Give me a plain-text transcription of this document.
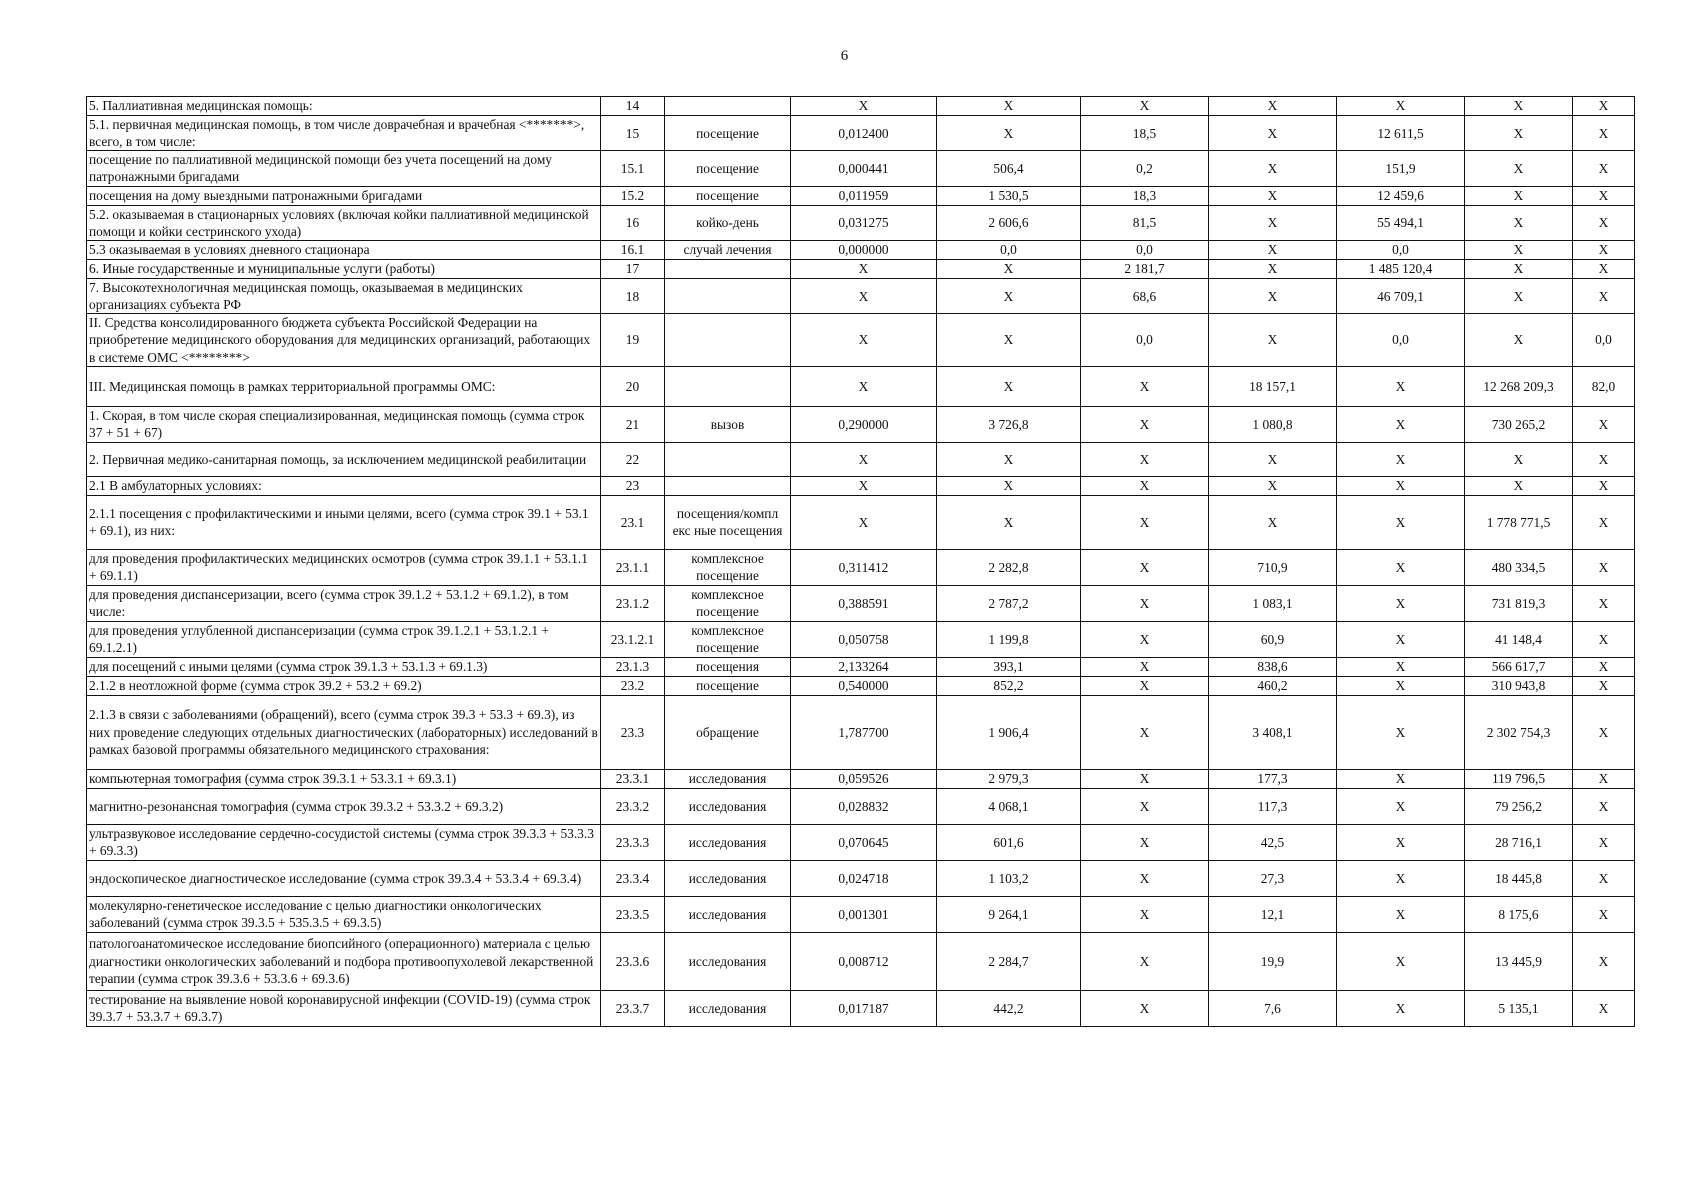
6
5. Паллиативная медицинская помощь:	14		X	X	X	X	X	X	X
5.1. первичная медицинская помощь, в том числе доврачебная и врачебная <*******>, всего, в том числе:	15	посещение	0,012400	X	18,5	X	12 611,5	X	X
посещение по паллиативной медицинской помощи без учета посещений на дому патронажными бригадами	15.1	посещение	0,000441	506,4	0,2	X	151,9	X	X
посещения на дому выездными патронажными бригадами	15.2	посещение	0,011959	1 530,5	18,3	X	12 459,6	X	X
5.2. оказываемая в стационарных условиях (включая койки паллиативной медицинской помощи и койки сестринского ухода)	16	койко-день	0,031275	2 606,6	81,5	X	55 494,1	X	X
5.3 оказываемая в условиях дневного стационара	16.1	случай лечения	0,000000	0,0	0,0	X	0,0	X	X
6. Иные государственные и муниципальные услуги (работы)	17		X	X	2 181,7	X	1 485 120,4	X	X
7. Высокотехнологичная медицинская помощь, оказываемая в медицинских организациях субъекта РФ	18		X	X	68,6	X	46 709,1	X	X
II. Средства консолидированного бюджета субъекта Российской Федерации на приобретение медицинского оборудования для медицинских организаций, работающих в системе ОМС <********>	19		X	X	0,0	X	0,0	X	0,0
III. Медицинская помощь в рамках территориальной программы ОМС:	20		X	X	X	18 157,1	X	12 268 209,3	82,0
1. Скорая, в том числе скорая специализированная, медицинская помощь (сумма строк 37 + 51 + 67)	21	вызов	0,290000	3 726,8	X	1 080,8	X	730 265,2	X
2. Первичная медико-санитарная помощь, за исключением медицинской реабилитации	22		X	X	X	X	X	X	X
2.1 В амбулаторных условиях:	23		X	X	X	X	X	X	X
2.1.1 посещения с профилактическими и иными целями, всего (сумма строк 39.1 + 53.1 + 69.1), из них:	23.1	посещения/компл екс ные посещения	X	X	X	X	X	1 778 771,5	X
для проведения профилактических медицинских осмотров (сумма строк 39.1.1 + 53.1.1 + 69.1.1)	23.1.1	комплексное посещение	0,311412	2 282,8	X	710,9	X	480 334,5	X
для проведения диспансеризации, всего (сумма строк 39.1.2 + 53.1.2 + 69.1.2), в том числе:	23.1.2	комплексное посещение	0,388591	2 787,2	X	1 083,1	X	731 819,3	X
для проведения углубленной диспансеризации (сумма строк 39.1.2.1 + 53.1.2.1 + 69.1.2.1)	23.1.2.1	комплексное посещение	0,050758	1 199,8	X	60,9	X	41 148,4	X
для посещений с иными целями (сумма строк 39.1.3 + 53.1.3 + 69.1.3)	23.1.3	посещения	2,133264	393,1	X	838,6	X	566 617,7	X
2.1.2 в неотложной форме (сумма строк 39.2 + 53.2 + 69.2)	23.2	посещение	0,540000	852,2	X	460,2	X	310 943,8	X
2.1.3 в связи с заболеваниями (обращений), всего (сумма строк 39.3 + 53.3 + 69.3), из них проведение следующих отдельных диагностических (лабораторных) исследований в рамках базовой программы обязательного медицинского страхования:	23.3	обращение	1,787700	1 906,4	X	3 408,1	X	2 302 754,3	X
компьютерная томография (сумма строк 39.3.1 + 53.3.1 + 69.3.1)	23.3.1	исследования	0,059526	2 979,3	X	177,3	X	119 796,5	X
магнитно-резонансная томография (сумма строк 39.3.2 + 53.3.2 + 69.3.2)	23.3.2	исследования	0,028832	4 068,1	X	117,3	X	79 256,2	X
ультразвуковое исследование сердечно-сосудистой системы (сумма строк 39.3.3 + 53.3.3 + 69.3.3)	23.3.3	исследования	0,070645	601,6	X	42,5	X	28 716,1	X
эндоскопическое диагностическое исследование (сумма строк 39.3.4 + 53.3.4 + 69.3.4)	23.3.4	исследования	0,024718	1 103,2	X	27,3	X	18 445,8	X
молекулярно-генетическое исследование с целью диагностики онкологических заболеваний (сумма строк 39.3.5 + 535.3.5 + 69.3.5)	23.3.5	исследования	0,001301	9 264,1	X	12,1	X	8 175,6	X
патологоанатомическое исследование биопсийного (операционного) материала с целью диагностики онкологических заболеваний и подбора противоопухолевой лекарственной терапии (сумма строк 39.3.6 + 53.3.6 + 69.3.6)	23.3.6	исследования	0,008712	2 284,7	X	19,9	X	13 445,9	X
тестирование на выявление новой коронавирусной инфекции (COVID-19) (сумма строк 39.3.7 + 53.3.7 + 69.3.7)	23.3.7	исследования	0,017187	442,2	X	7,6	X	5 135,1	X
